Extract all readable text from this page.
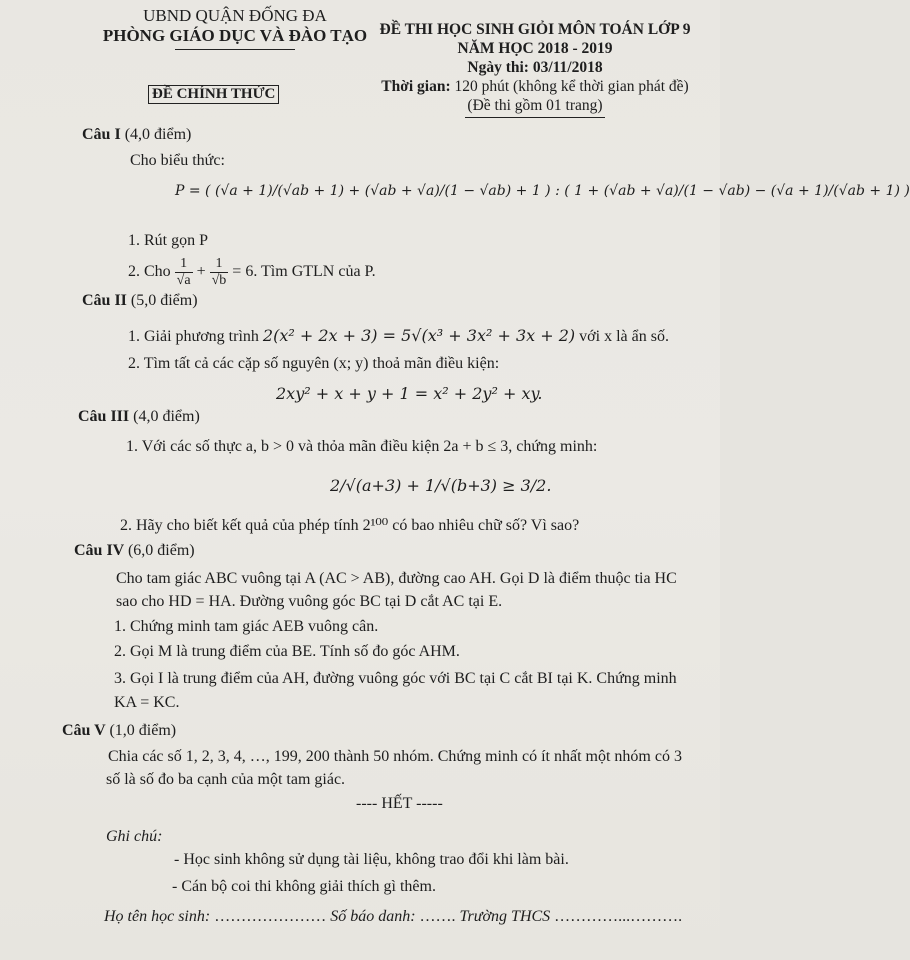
UBND QUẬN ĐỐNG ĐA
PHÒNG GIÁO DỤC VÀ ĐÀO TẠO ĐỀ THI HỌC SINH GIỎI MÔN TOÁN LỚP 9
NĂM HỌC 2018 - 2019
Ngày thi: 03/11/2018
Thời gian: 120 phút (không kể thời gian phát đề)
(Đề thi gồm 01 trang)
ĐỀ CHÍNH THỨC
Câu I (4,0 điểm)
Cho biểu thức:
P = ( (√a + 1)/(√ab + 1) + (√ab + √a)/(1 − √ab) + 1 ) : ( 1 + (√ab + √a)/(1 − √ab) − (√a + 1)/(√ab + 1) )
1. Rút gọn P
2. Cho $\frac{1}{√a} + \frac{1}{√b} = 6$. Tìm GTLN của P.
Câu II (5,0 điểm)
1. Giải phương trình 2(x² + 2x + 3) = 5√(x³ + 3x² + 3x + 2) với x là ẩn số.
2. Tìm tất cả các cặp số nguyên (x; y) thoả mãn điều kiện:
2xy² + x + y + 1 = x² + 2y² + xy.
Câu III (4,0 điểm)
1. Với các số thực a, b > 0 và thỏa mãn điều kiện 2a + b ≤ 3, chứng minh:
2/√(a+3) + 1/√(b+3) ≥ 3/2.
2. Hãy cho biết kết quả của phép tính 2¹⁰⁰ có bao nhiêu chữ số? Vì sao?
Câu IV (6,0 điểm)
Cho tam giác ABC vuông tại A (AC > AB), đường cao AH. Gọi D là điểm thuộc tia HC
sao cho HD = HA. Đường vuông góc BC tại D cắt AC tại E.
1. Chứng minh tam giác AEB vuông cân.
2. Gọi M là trung điểm của BE. Tính số đo góc AHM.
3. Gọi I là trung điểm của AH, đường vuông góc với BC tại C cắt BI tại K. Chứng minh
KA = KC.
Câu V (1,0 điểm)
Chia các số 1, 2, 3, 4, …, 199, 200 thành 50 nhóm. Chứng minh có ít nhất một nhóm có 3
số là số đo ba cạnh của một tam giác.
---- HẾT -----
Ghi chú:
- Học sinh không sử dụng tài liệu, không trao đổi khi làm bài.
- Cán bộ coi thi không giải thích gì thêm.
Họ tên học sinh: ………………… Số báo danh: ……. Trường THCS …………...……….
